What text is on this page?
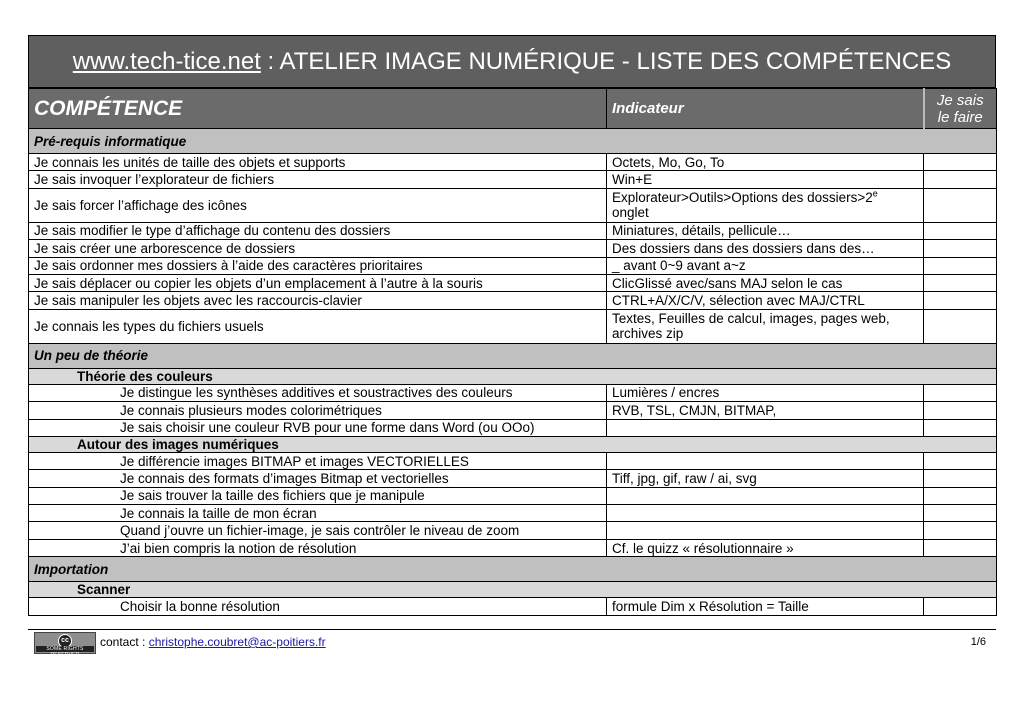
www.tech-tice.net : ATELIER IMAGE NUMÉRIQUE - LISTE DES COMPÉTENCES
COMPÉTENCE	Indicateur	Je sais
le faire
Pré-requis informatique		
Je connais les unités de taille des objets et supports	Octets, Mo, Go, To	
Je sais invoquer l’explorateur de fichiers	Win+E	
Je sais forcer l’affichage des icônes	Explorateur>Outils>Options des $dossiers>2^e$
onglet	
Je sais modifier le type d’affichage du contenu des dossiers	Miniatures, détails, pellicule…	
Je sais créer une arborescence de dossiers	Des dossiers dans des dossiers dans des…	
Je sais ordonner mes dossiers à l’aide des caractères prioritaires	_ avant 0~9 avant a~z	
Je sais déplacer ou copier les objets d’un emplacement à l’autre à la souris	ClicGlissé avec/sans MAJ selon le cas	
Je sais manipuler les objets avec les raccourcis-clavier	CTRL+A/X/C/V, sélection avec MAJ/CTRL	
Je connais les types du fichiers usuels	Textes, Feuilles de calcul, images, pages web,
archives zip	
Un peu de théorie		
Théorie des couleurs		
Je distingue les synthèses additives et soustractives des couleurs	Lumières / encres	
Je connais plusieurs modes colorimétriques	RVB, TSL, CMJN, BITMAP,	
Je sais choisir une couleur RVB pour une forme dans Word (ou OOo)		
Autour des images numériques		
Je différencie images BITMAP et images VECTORIELLES		
Je connais des formats d’images Bitmap et vectorielles	Tiff, jpg, gif, raw / ai, svg	
Je sais trouver la taille des fichiers que je manipule		
Je connais la taille de mon écran		
Quand j’ouvre un fichier-image, je sais contrôler le niveau de zoom		
J’ai bien compris la notion de résolution	Cf. le quizz « résolutionnaire »	
Importation		
Scanner		
Choisir la bonne résolution	formule Dim x Résolution = Taille	
cc
SOME RIGHTS RESERVED
contact : christophe.coubret@ac-poitiers.fr	1/6
